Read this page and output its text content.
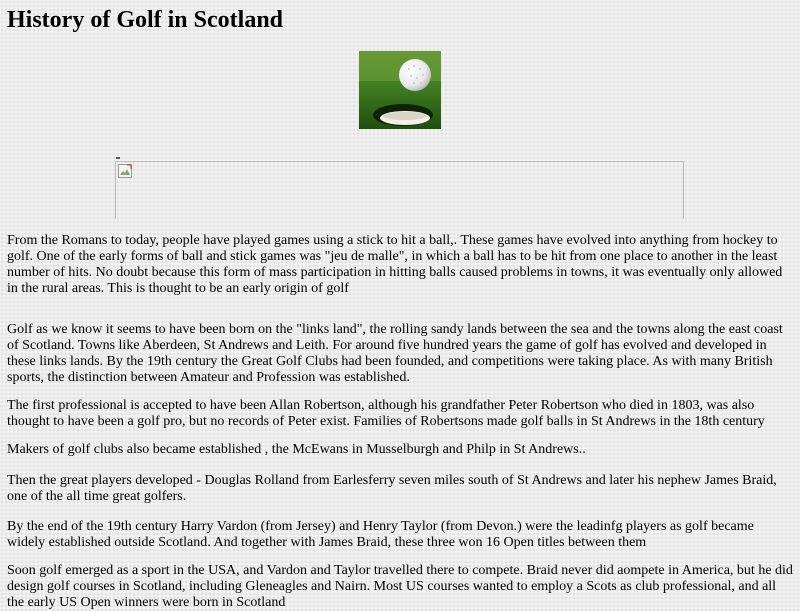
History of Golf in Scotland

From the Romans to today, people have played games using a stick to hit a ball,. These games have evolved into anything from hockey to golf. One of the early forms of ball and stick games was "jeu de malle", in which a ball has to be hit from one place to another in the least number of hits. No doubt because this form of mass participation in hitting balls caused problems in towns, it was eventually only allowed in the rural areas. This is thought to be an early origin of golf

Golf as we know it seems to have been born on the "links land", the rolling sandy lands between the sea and the towns along the east coast of Scotland. Towns like Aberdeen, St Andrews and Leith. For around five hundred years the game of golf has evolved and developed in these links lands. By the 19th century the Great Golf Clubs had been founded, and competitions were taking place. As with many British sports, the distinction between Amateur and Profession was established.

The first professional is accepted to have been Allan Robertson, although his grandfather Peter Robertson who died in 1803, was also thought to have been a golf pro, but no records of Peter exist. Families of Robertsons made golf balls in St Andrews in the 18th century

Makers of golf clubs also became established , the McEwans in Musselburgh and Philp in St Andrews..

Then the great players developed - Douglas Rolland from Earlesferry seven miles south of St Andrews and later his nephew James Braid, one of the all time great golfers.

By the end of the 19th century Harry Vardon (from Jersey) and Henry Taylor (from Devon.) were the leadinfg players as golf became widely established outside Scotland. And together with James Braid, these three won 16 Open titles between them

Soon golf emerged as a sport in the USA, and Vardon and Taylor travelled there to compete. Braid never did aompete in America, but he did design golf courses in Scotland, including Gleneagles and Nairn. Most US courses wanted to employ a Scots as club professional, and all the early US Open winners were born in Scotland
